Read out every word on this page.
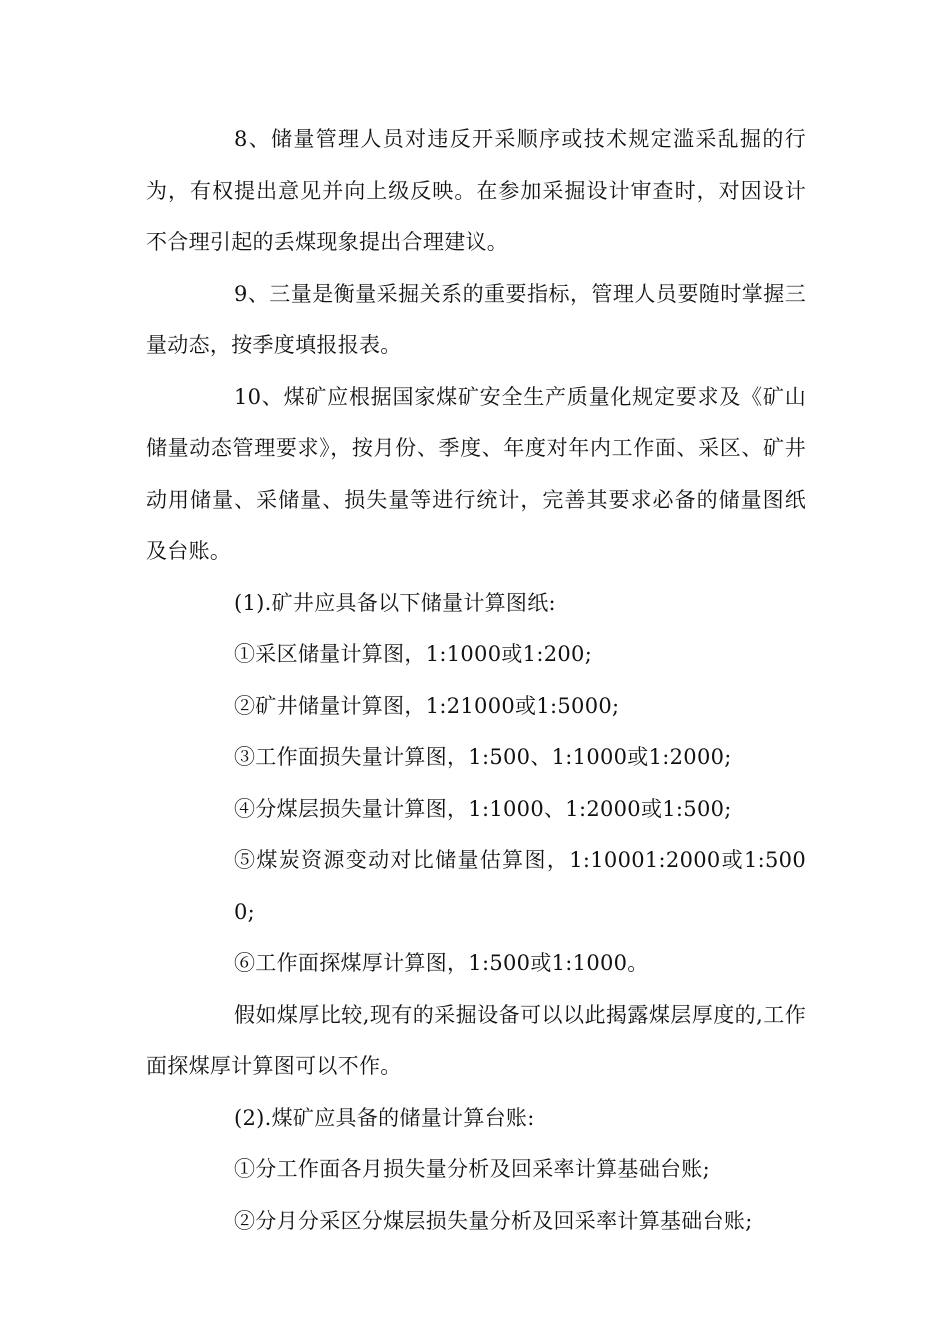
8、储量管理人员对违反开采顺序或技术规定滥采乱掘的行为，有权提出意见并向上级反映。在参加采掘设计审查时，对因设计不合理引起的丢煤现象提出合理建议。

9、三量是衡量采掘关系的重要指标，管理人员要随时掌握三量动态，按季度填报报表。

10、煤矿应根据国家煤矿安全生产质量化规定要求及《矿山储量动态管理要求》，按月份、季度、年度对年内工作面、采区、矿井动用储量、采储量、损失量等进行统计，完善其要求必备的储量图纸及台账。

(1).矿井应具备以下储量计算图纸:

①采区储量计算图，1:1000或1:200;

②矿井储量计算图，1:21000或1:5000;

③工作面损失量计算图，1:500、1:1000或1:2000;

④分煤层损失量计算图，1:1000、1:2000或1:500;

⑤煤炭资源变动对比储量估算图，1:10001:2000或1:5000;

⑥工作面探煤厚计算图，1:500或1:1000。

假如煤厚比较,现有的采掘设备可以以此揭露煤层厚度的,工作面探煤厚计算图可以不作。

(2).煤矿应具备的储量计算台账:

①分工作面各月损失量分析及回采率计算基础台账;

②分月分采区分煤层损失量分析及回采率计算基础台账;
